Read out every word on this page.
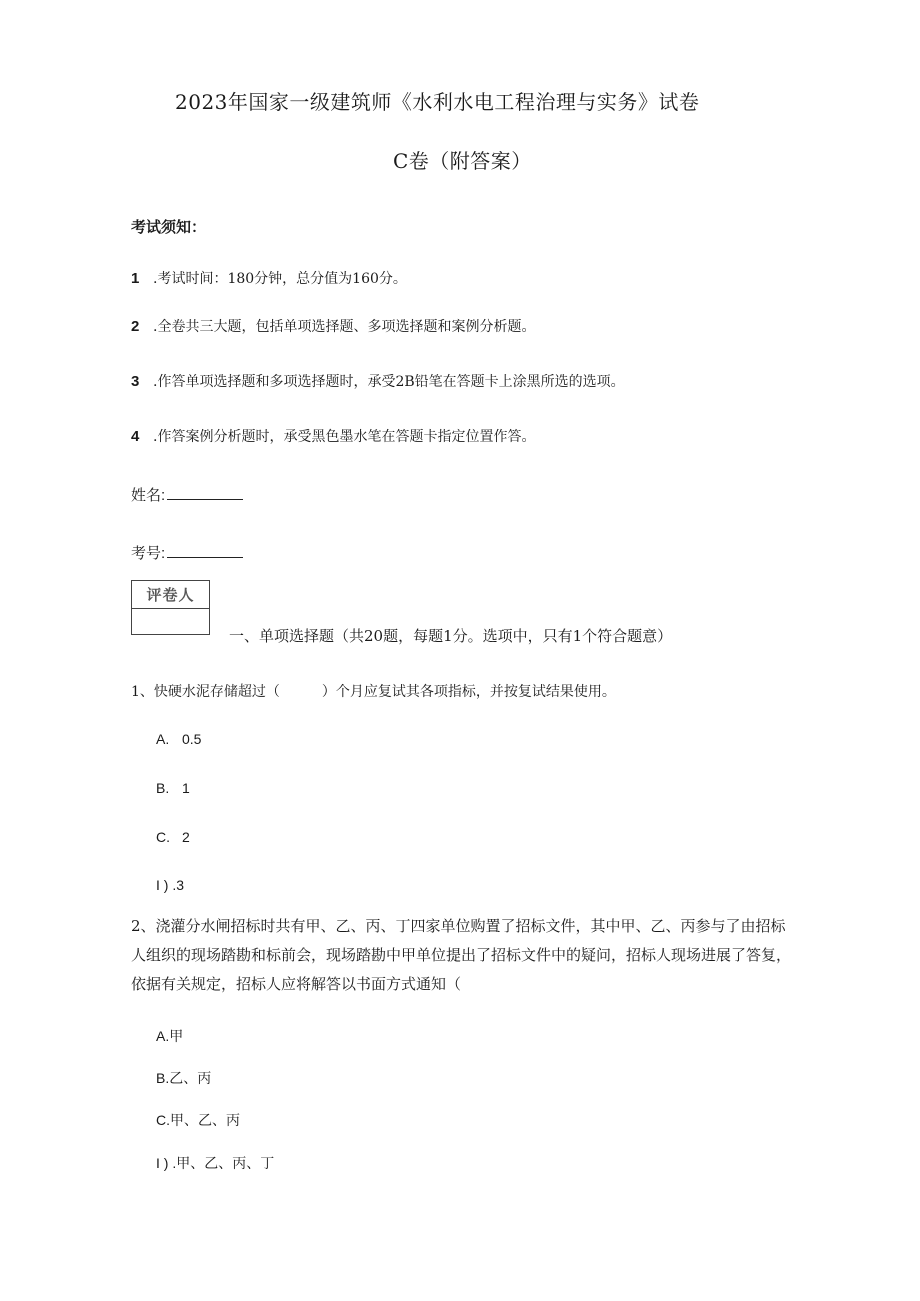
2023年国家一级建筑师《水利水电工程治理与实务》试卷
C卷（附答案）
考试须知：
1 .考试时间：180分钟，总分值为160分。
2 .全卷共三大题，包括单项选择题、多项选择题和案例分析题。
3 .作答单项选择题和多项选择题时，承受2B铅笔在答题卡上涂黑所选的选项。
4 .作答案例分析题时，承受黑色墨水笔在答题卡指定位置作答。
姓名:
考号:
评卷人
一、单项选择题（共20题，每题1分。选项中，只有1个符合题意）
1、快硬水泥存储超过（　　　）个月应复试其各项指标，并按复试结果使用。
A. 0.5
B. 1
C. 2
I ) .3
2、浇灌分水闸招标时共有甲、乙、丙、丁四家单位购置了招标文件，其中甲、乙、丙参与了由招标人组织的现场踏勘和标前会，现场踏勘中甲单位提出了招标文件中的疑问，招标人现场进展了答复，依据有关规定，招标人应将解答以书面方式通知（
A.甲
B.乙、丙
C.甲、乙、丙
I ) .甲、乙、丙、丁
